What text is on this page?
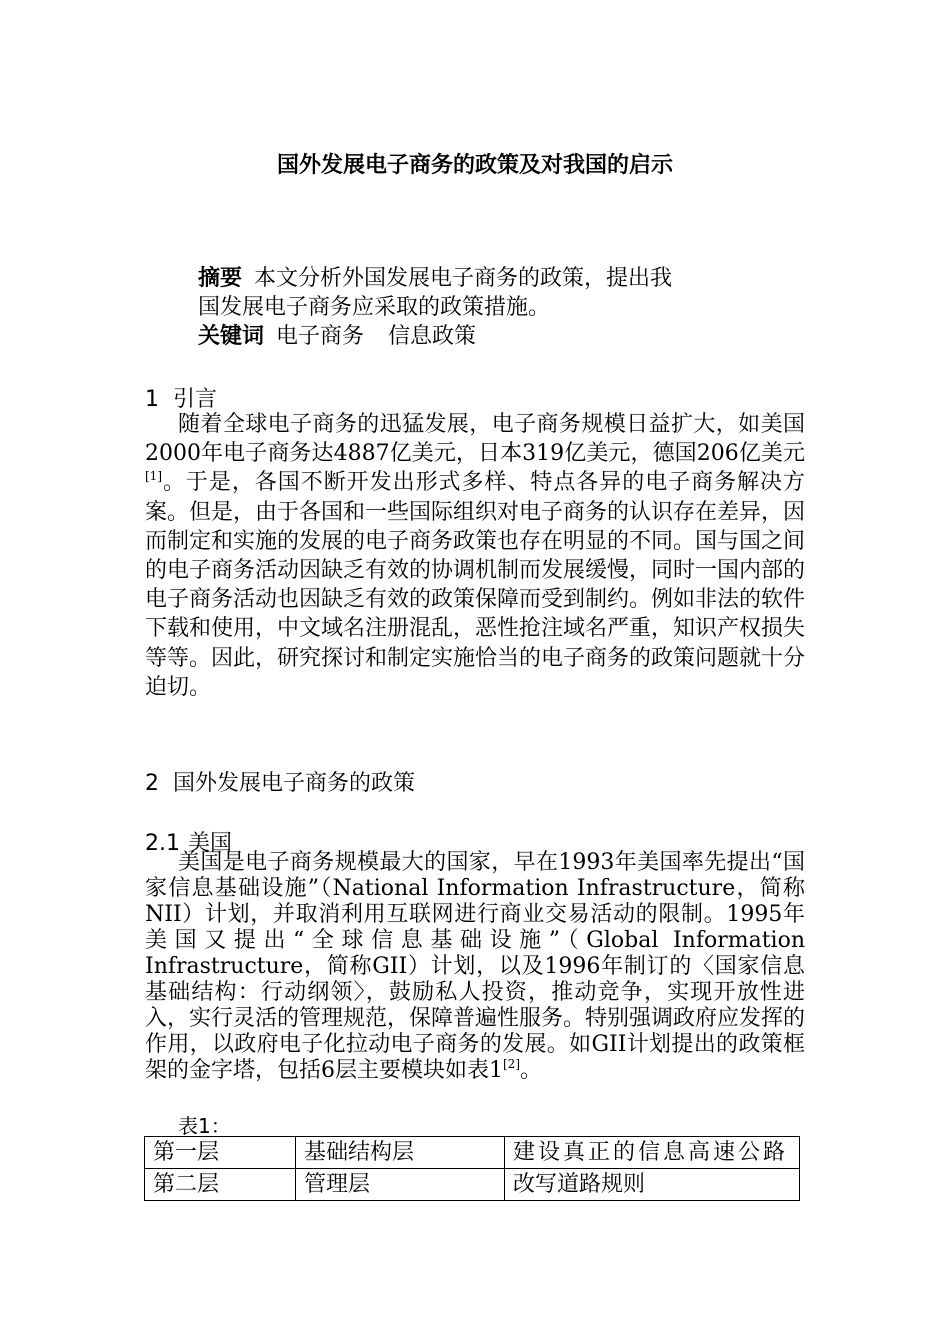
国外发展电子商务的政策及对我国的启示
摘要 本文分析外国发展电子商务的政策，提出我
国发展电子商务应采取的政策措施。
关键词 电子商务 信息政策
1 引言

随着全球电子商务的迅猛发展，电子商务规模日益扩大，如美国2000年电子商务达4887亿美元，日本319亿美元，德国206亿美元[1]。于是，各国不断开发出形式多样、特点各异的电子商务解决方案。但是，由于各国和一些国际组织对电子商务的认识存在差异，因而制定和实施的发展的电子商务政策也存在明显的不同。国与国之间的电子商务活动因缺乏有效的协调机制而发展缓慢，同时一国内部的电子商务活动也因缺乏有效的政策保障而受到制约。例如非法的软件下载和使用，中文域名注册混乱，恶性抢注域名严重，知识产权损失等等。因此，研究探讨和制定实施恰当的电子商务的政策问题就十分迫切。

2 国外发展电子商务的政策
2.1 美国

美国是电子商务规模最大的国家，早在1993年美国率先提出“国家信息基础设施”（National Information Infrastructure，简称NII）计划，并取消利用互联网进行商业交易活动的限制。1995年美国又提出“全球信息基础设施”（Global Information Infrastructure，简称GII）计划，以及1996年制订的〈国家信息基础结构：行动纲领〉，鼓励私人投资，推动竞争，实现开放性进入，实行灵活的管理规范，保障普遍性服务。特别强调政府应发挥的作用，以政府电子化拉动电子商务的发展。如GII计划提出的政策框架的金字塔，包括6层主要模块如表1[2]。

表1：
第一层	基础结构层	建设真正的信息高速公路
第二层	管理层	改写道路规则
